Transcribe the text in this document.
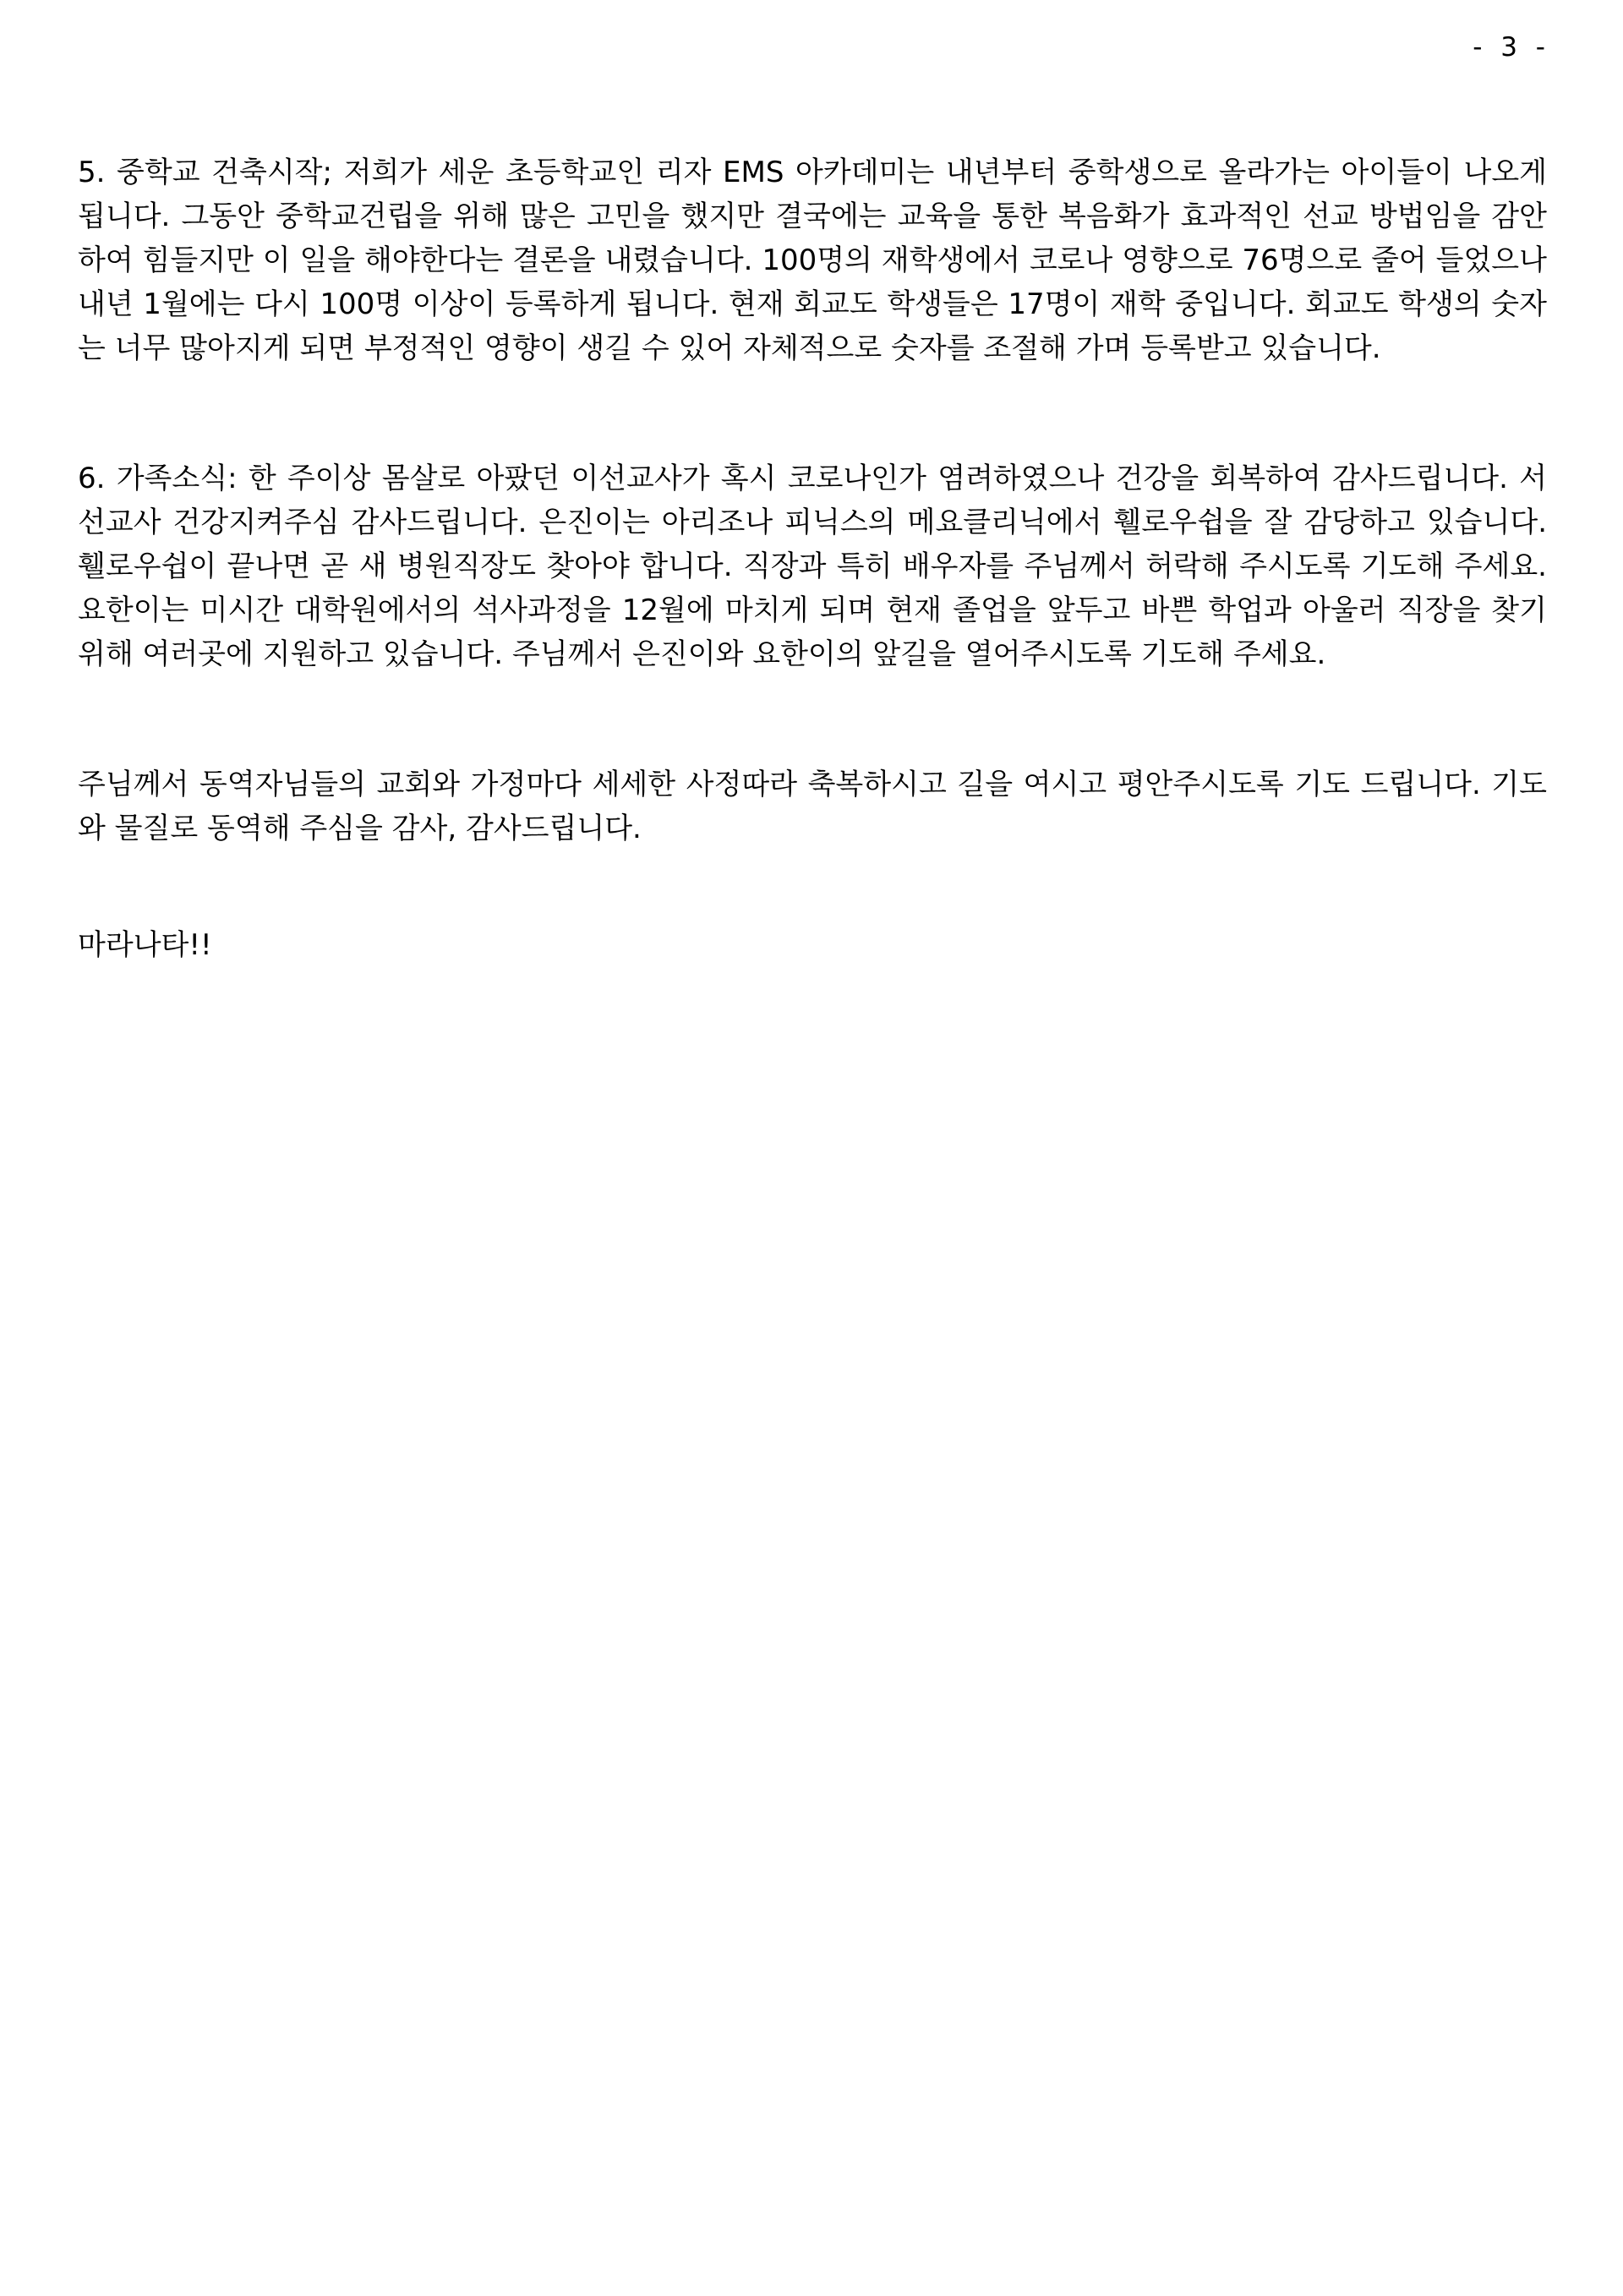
- 3 -

5. 중학교 건축시작; 저희가 세운 초등학교인 리자 EMS 아카데미는 내년부터 중학생으로 올라가는 아이들이 나오게 됩니다. 그동안 중학교건립을 위해 많은 고민을 했지만 결국에는 교육을 통한 복음화가 효과적인 선교 방법임을 감안하여 힘들지만 이 일을 해야한다는 결론을 내렸습니다. 100명의 재학생에서 코로나 영향으로 76명으로 줄어 들었으나 내년 1월에는 다시 100명 이상이 등록하게 됩니다. 현재 회교도 학생들은 17명이 재학 중입니다. 회교도 학생의 숫자는 너무 많아지게 되면 부정적인 영향이 생길 수 있어 자체적으로 숫자를 조절해 가며 등록받고 있습니다.

6. 가족소식: 한 주이상 몸살로 아팠던 이선교사가 혹시 코로나인가 염려하였으나 건강을 회복하여 감사드립니다. 서선교사 건강지켜주심 감사드립니다. 은진이는 아리조나 피닉스의 메요클리닉에서 휄로우쉽을 잘 감당하고 있습니다. 휄로우쉽이 끝나면 곧 새 병원직장도 찾아야 합니다. 직장과 특히 배우자를 주님께서 허락해 주시도록 기도해 주세요. 요한이는 미시간 대학원에서의 석사과정을 12월에 마치게 되며 현재 졸업을 앞두고 바쁜 학업과 아울러 직장을 찾기 위해 여러곳에 지원하고 있습니다. 주님께서 은진이와 요한이의 앞길을 열어주시도록 기도해 주세요.

주님께서 동역자님들의 교회와 가정마다 세세한 사정따라 축복하시고 길을 여시고 평안주시도록 기도 드립니다. 기도와 물질로 동역해 주심을 감사, 감사드립니다.

마라나타!!
